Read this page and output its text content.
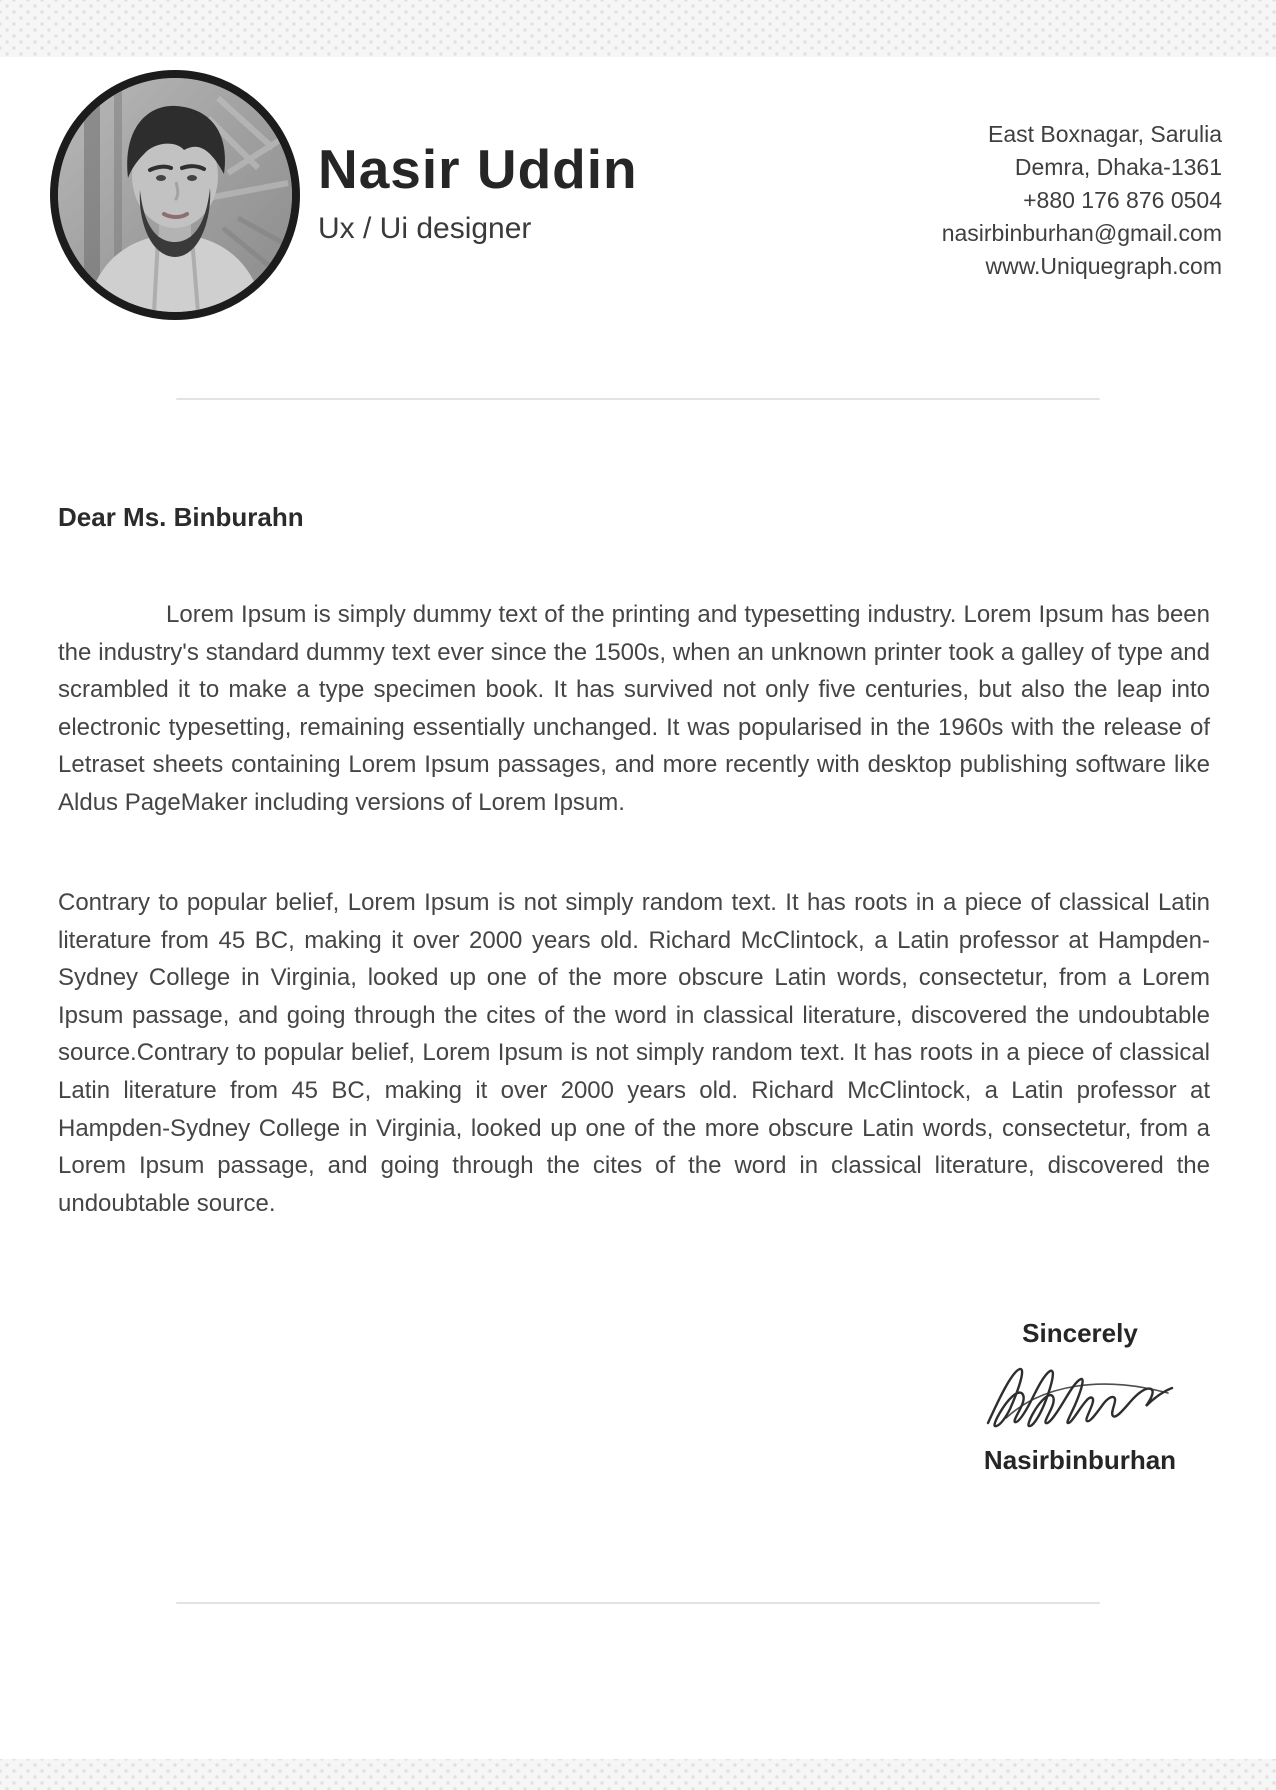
Nasir Uddin
Ux / Ui designer
East Boxnagar, Sarulia
Demra, Dhaka-1361
+880 176 876 0504
nasirbinburhan@gmail.com
www.Uniquegraph.com
Dear Ms. Binburahn

Lorem Ipsum is simply dummy text of the printing and typesetting industry. Lorem Ipsum has been the industry's standard dummy text ever since the 1500s, when an unknown printer took a galley of type and scrambled it to make a type specimen book. It has survived not only five centuries, but also the leap into electronic typesetting, remaining essentially unchanged. It was popularised in the 1960s with the release of Letraset sheets containing Lorem Ipsum passages, and more recently with desktop publishing software like Aldus PageMaker including versions of Lorem Ipsum.

Contrary to popular belief, Lorem Ipsum is not simply random text. It has roots in a piece of classical Latin literature from 45 BC, making it over 2000 years old. Richard McClintock, a Latin professor at Hampden-Sydney College in Virginia, looked up one of the more obscure Latin words, consectetur, from a Lorem Ipsum passage, and going through the cites of the word in classical literature, discovered the undoubtable source.Contrary to popular belief, Lorem Ipsum is not simply random text. It has roots in a piece of classical Latin literature from 45 BC, making it over 2000 years old. Richard McClintock, a Latin professor at Hampden-Sydney College in Virginia, looked up one of the more obscure Latin words, consectetur, from a Lorem Ipsum passage, and going through the cites of the word in classical literature, discovered the undoubtable source.

Sincerely
Nasirbinburhan
